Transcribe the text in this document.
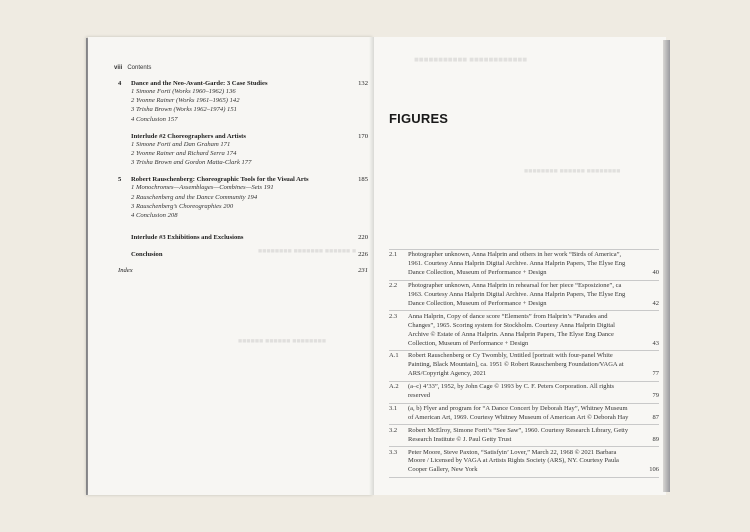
■ ■■■■■■ ■■■■■■■ ■■■■■■■■
■■■■■■■■ ■■■■■■ ■■■■■■
viii Contents
4	Dance and the Neo-Avant-Garde: 3 Case Studies	132
1 Simone Forti (Works 1960–1962) 136
2 Yvonne Rainer (Works 1961–1965) 142
3 Trisha Brown (Works 1962–1974) 151
4 Conclusion 157
Interlude #2 Choreographers and Artists	170
1 Simone Forti and Dan Graham 171
2 Yvonne Rainer and Richard Serra 174
3 Trisha Brown and Gordon Matta-Clark 177
5	Robert Rauschenberg: Choreographic Tools for the Visual Arts	185
1 Monochromes—Assemblages—Combines—Sets 191
2 Rauschenberg and the Dance Community 194
3 Rauschenberg’s Choreographies 200
4 Conclusion 208
Interlude #3 Exhibitions and Exclusions	220
Conclusion	226
Index	231
■■■■■■■■■■■■ ■■■■■■■■■■■
■■■■■■■■ ■■■■■■ ■■■■■■■■
FIGURES
2.1	Photographer unknown, Anna Halprin and others in her work “Birds of America”, 1961. Courtesy Anna Halprin Digital Archive. Anna Halprin Papers, The Elyse Eng Dance Collection, Museum of Performance + Design	40
2.2	Photographer unknown, Anna Halprin in rehearsal for her piece “Esposizione”, ca 1963. Courtesy Anna Halprin Digital Archive. Anna Halprin Papers, The Elyse Eng Dance Collection, Museum of Performance + Design	42
2.3	Anna Halprin, Copy of dance score “Elements” from Halprin’s “Parades and Changes”, 1965. Scoring system for Stockholm. Courtesy Anna Halprin Digital Archive © Estate of Anna Halprin. Anna Halprin Papers, The Elyse Eng Dance Collection, Museum of Performance + Design	43
A.1	Robert Rauschenberg or Cy Twombly, Untitled [portrait with four-panel White Painting, Black Mountain], ca. 1951 © Robert Rauschenberg Foundation/VAGA at ARS/Copyright Agency, 2021	77
A.2	(a–c) 4’33”, 1952, by John Cage © 1993 by C. F. Peters Corporation. All rights reserved	79
3.1	(a, b) Flyer and program for “A Dance Concert by Deborah Hay”, Whitney Museum of American Art, 1969. Courtesy Whitney Museum of American Art © Deborah Hay	87
3.2	Robert McElroy, Simone Forti’s “See Saw”, 1960. Courtesy Research Library, Getty Research Institute © J. Paul Getty Trust	89
3.3	Peter Moore, Steve Paxton, “Satisfyin’ Lover,” March 22, 1968 © 2021 Barbara Moore / Licensed by VAGA at Artists Rights Society (ARS), NY. Courtesy Paula Cooper Gallery, New York	106
